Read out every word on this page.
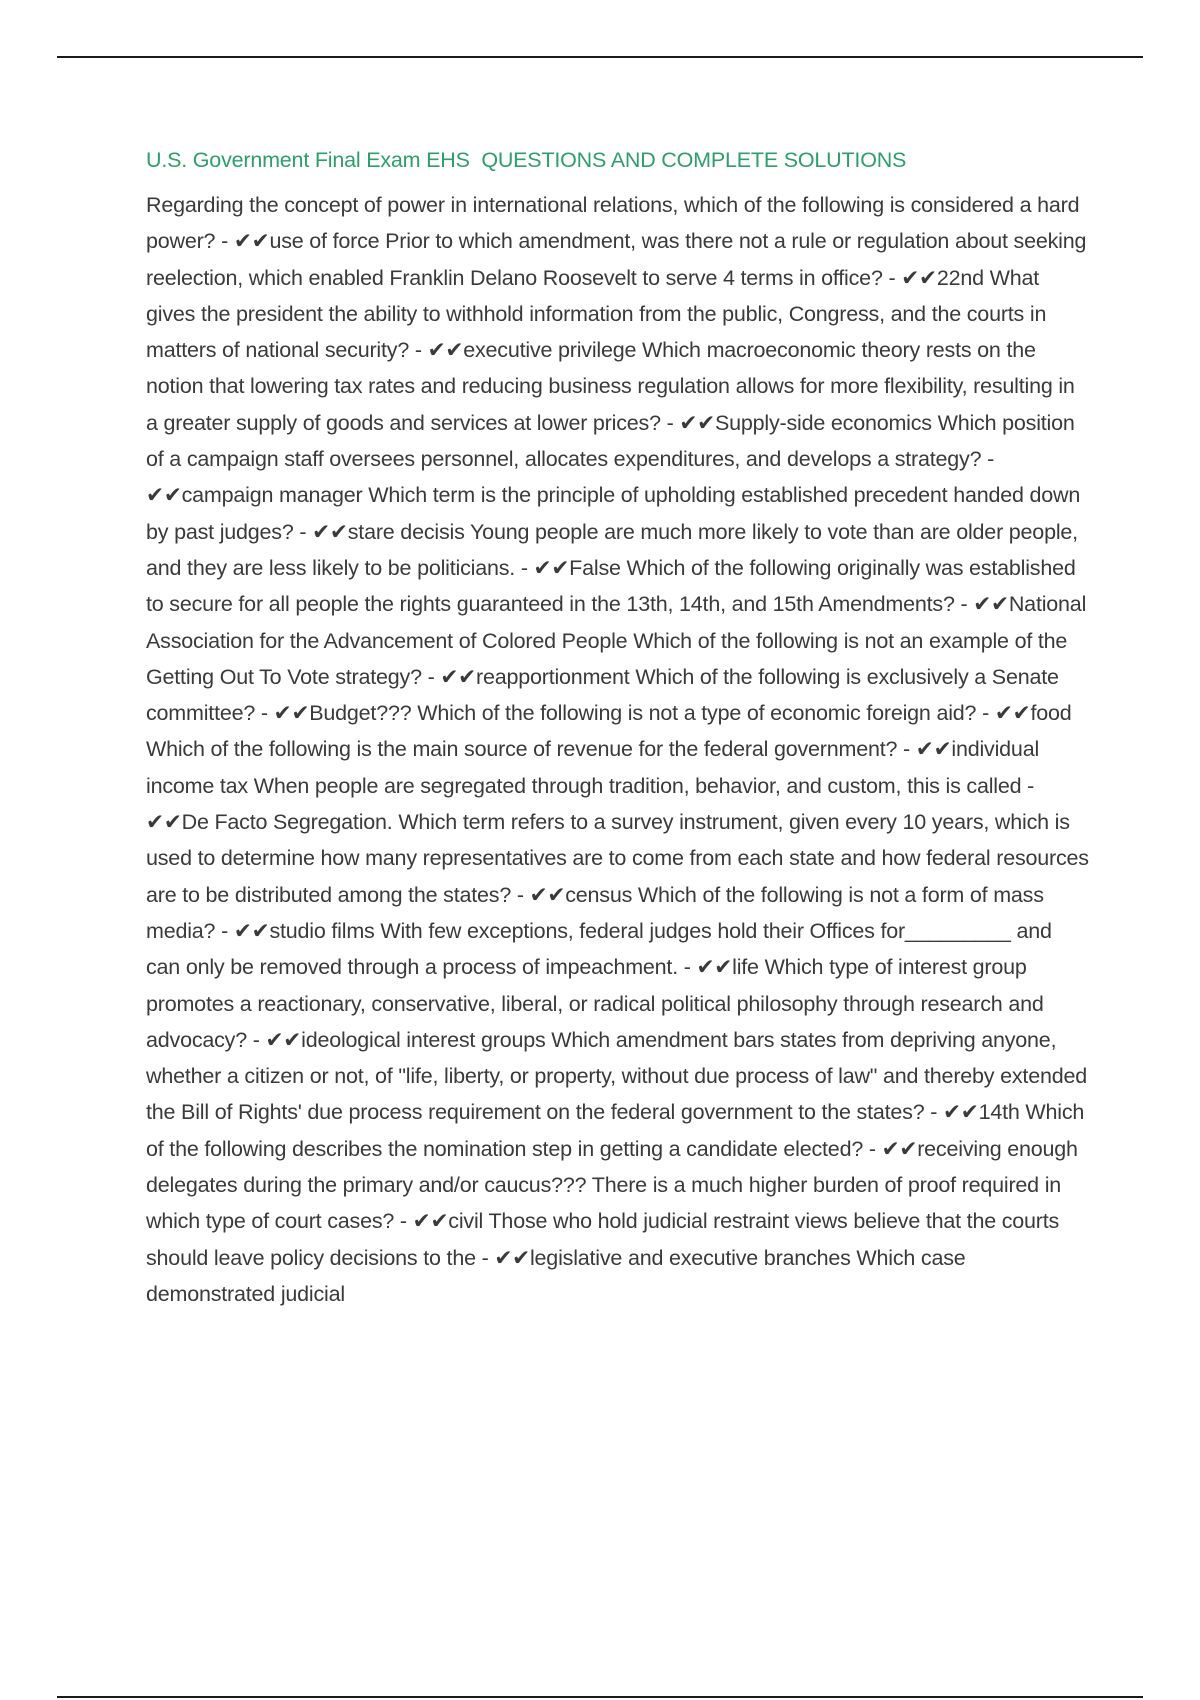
U.S. Government Final Exam EHS  QUESTIONS AND COMPLETE SOLUTIONS

Regarding the concept of power in international relations, which of the following is considered a hard power? - ✔✔use of force Prior to which amendment, was there not a rule or regulation about seeking reelection, which enabled Franklin Delano Roosevelt to serve 4 terms in office? - ✔✔22nd What gives the president the ability to withhold information from the public, Congress, and the courts in matters of national security? - ✔✔executive privilege Which macroeconomic theory rests on the notion that lowering tax rates and reducing business regulation allows for more flexibility, resulting in a greater supply of goods and services at lower prices? - ✔✔Supply-side economics Which position of a campaign staff oversees personnel, allocates expenditures, and develops a strategy? - ✔✔campaign manager Which term is the principle of upholding established precedent handed down by past judges? - ✔✔stare decisis Young people are much more likely to vote than are older people, and they are less likely to be politicians. - ✔✔False Which of the following originally was established to secure for all people the rights guaranteed in the 13th, 14th, and 15th Amendments? - ✔✔National Association for the Advancement of Colored People Which of the following is not an example of the Getting Out To Vote strategy? - ✔✔reapportionment Which of the following is exclusively a Senate committee? - ✔✔Budget??? Which of the following is not a type of economic foreign aid? - ✔✔food Which of the following is the main source of revenue for the federal government? - ✔✔individual income tax When people are segregated through tradition, behavior, and custom, this is called - ✔✔De Facto Segregation. Which term refers to a survey instrument, given every 10 years, which is used to determine how many representatives are to come from each state and how federal resources are to be distributed among the states? - ✔✔census Which of the following is not a form of mass media? - ✔✔studio films With few exceptions, federal judges hold their Offices for_________ and can only be removed through a process of impeachment. - ✔✔life Which type of interest group promotes a reactionary, conservative, liberal, or radical political philosophy through research and advocacy? - ✔✔ideological interest groups Which amendment bars states from depriving anyone, whether a citizen or not, of "life, liberty, or property, without due process of law" and thereby extended the Bill of Rights' due process requirement on the federal government to the states? - ✔✔14th Which of the following describes the nomination step in getting a candidate elected? - ✔✔receiving enough delegates during the primary and/or caucus??? There is a much higher burden of proof required in which type of court cases? - ✔✔civil Those who hold judicial restraint views believe that the courts should leave policy decisions to the - ✔✔legislative and executive branches Which case demonstrated judicial
